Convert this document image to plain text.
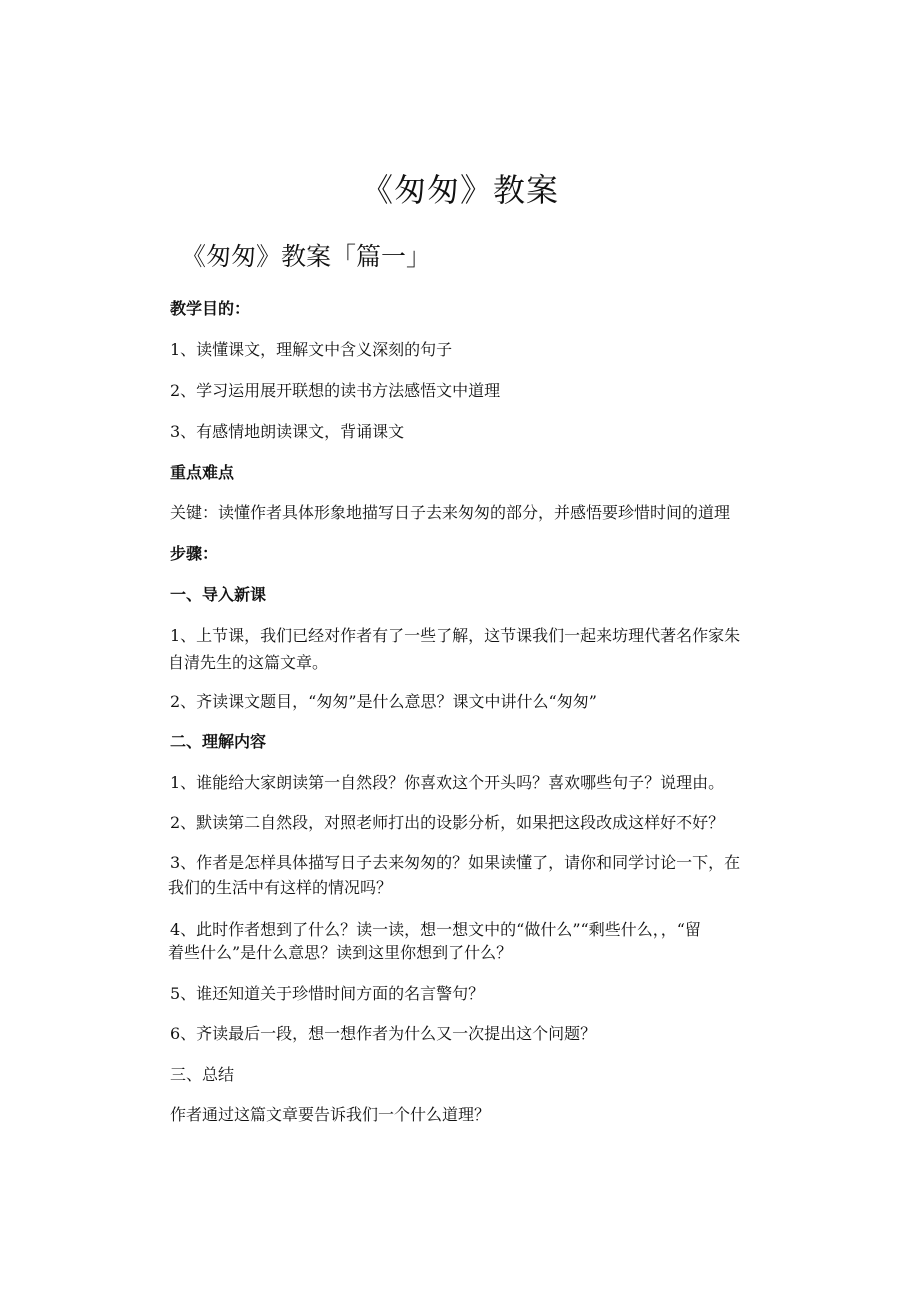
《匆匆》教案
《匆匆》教案「篇一」
教学目的：
1、读懂课文，理解文中含义深刻的句子
2、学习运用展开联想的读书方法感悟文中道理
3、有感情地朗读课文，背诵课文
重点难点
关键：读懂作者具体形象地描写日子去来匆匆的部分，并感悟要珍惜时间的道理
步骤：
一、导入新课
1、上节课，我们已经对作者有了一些了解，这节课我们一起来坊理代著名作家朱
自清先生的这篇文章。
2、齐读课文题目，“匆匆”是什么意思？课文中讲什么“匆匆”
二、理解内容
1、谁能给大家朗读第一自然段？你喜欢这个开头吗？喜欢哪些句子？说理由。
2、默读第二自然段，对照老师打出的设影分析，如果把这段改成这样好不好？
3、作者是怎样具体描写日子去来匆匆的？如果读懂了，请你和同学讨论一下，在
我们的生活中有这样的情况吗？
4、此时作者想到了什么？读一读，想一想文中的“做什么”“剩些什么，，“留
着些什么”是什么意思？读到这里你想到了什么？
5、谁还知道关于珍惜时间方面的名言警句？
6、齐读最后一段，想一想作者为什么又一次提出这个问题？
三、总结
作者通过这篇文章要告诉我们一个什么道理？
